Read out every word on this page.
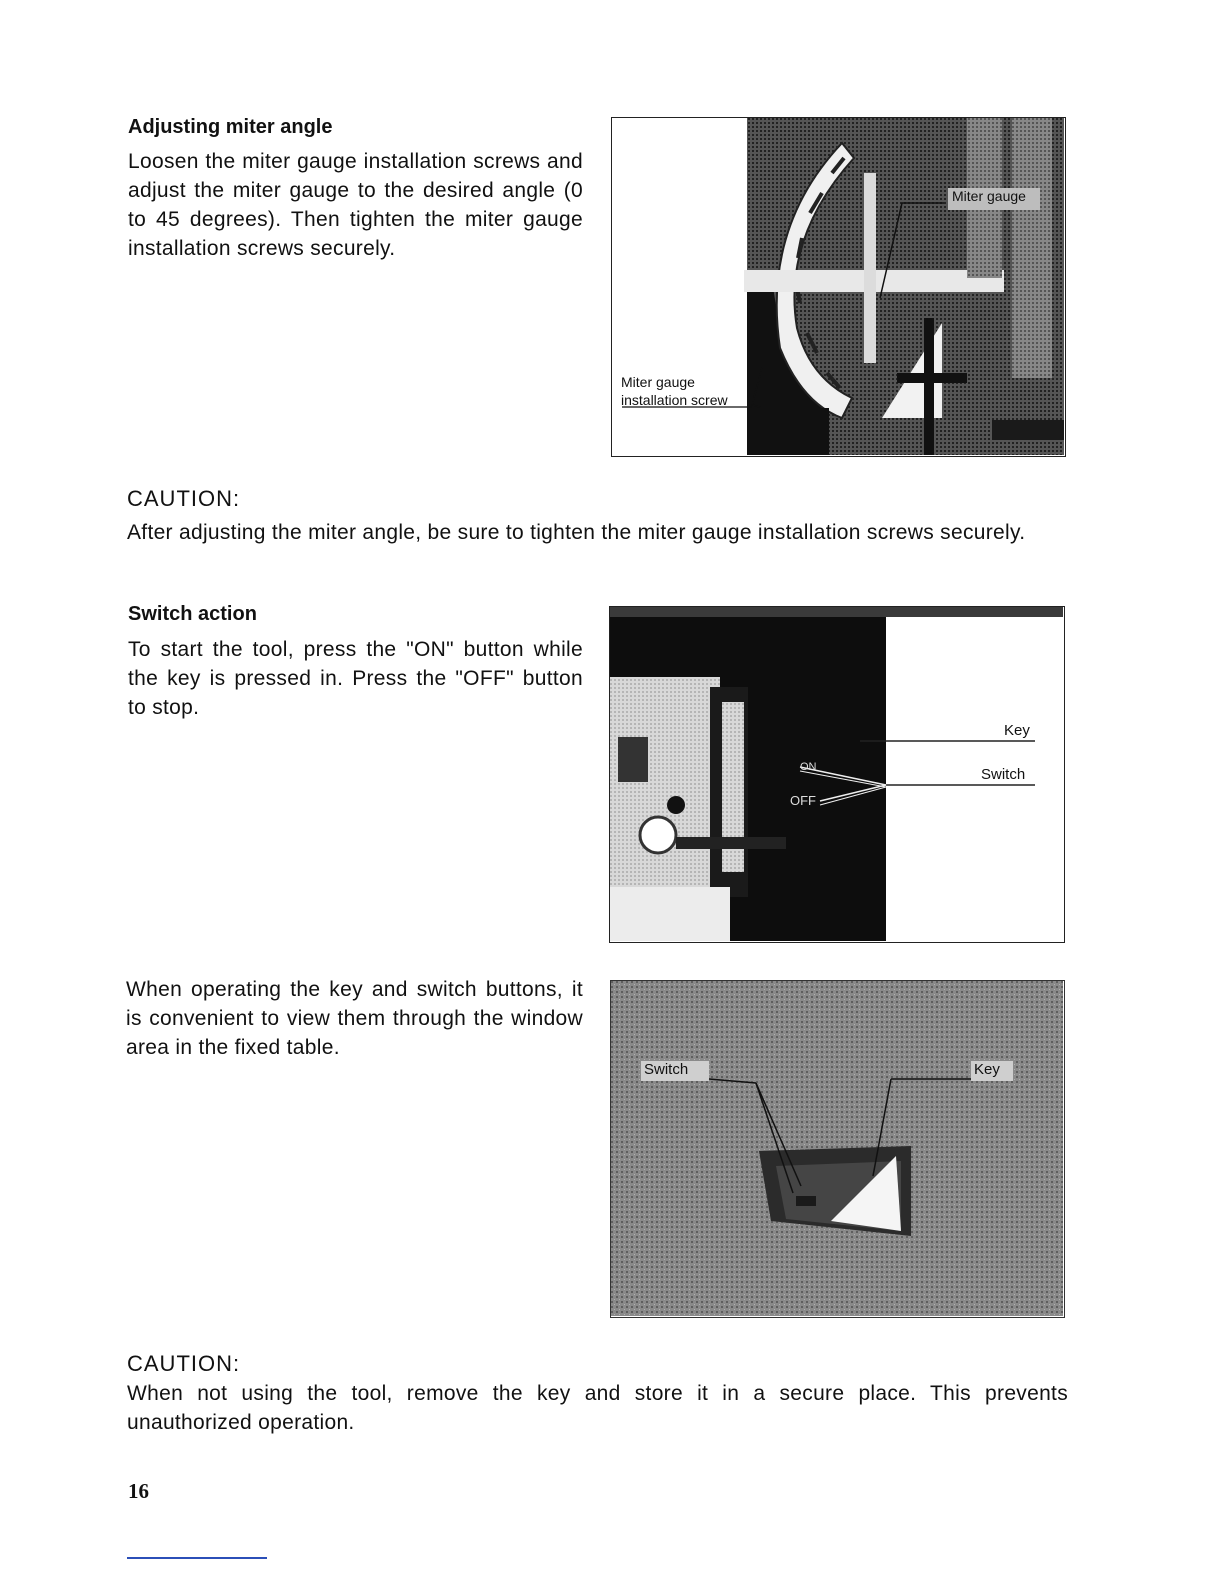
Adjusting miter angle
Loosen the miter gauge installation screws and adjust the miter gauge to the desired angle (0 to 45 degrees). Then tighten the miter gauge installation screws securely.
Miter gauge
Miter gauge
installation screw
CAUTION:
After adjusting the miter angle, be sure to tighten the miter gauge installation screws securely.
Switch action
To start the tool, press the "ON" button while the key is pressed in. Press the "OFF" button to stop.
Key
Switch
ON
OFF
When operating the key and switch buttons, it is convenient to view them through the window area in the fixed table.
Switch	Key
CAUTION:
When not using the tool, remove the key and store it in a secure place. This prevents unauthorized operation.
16
